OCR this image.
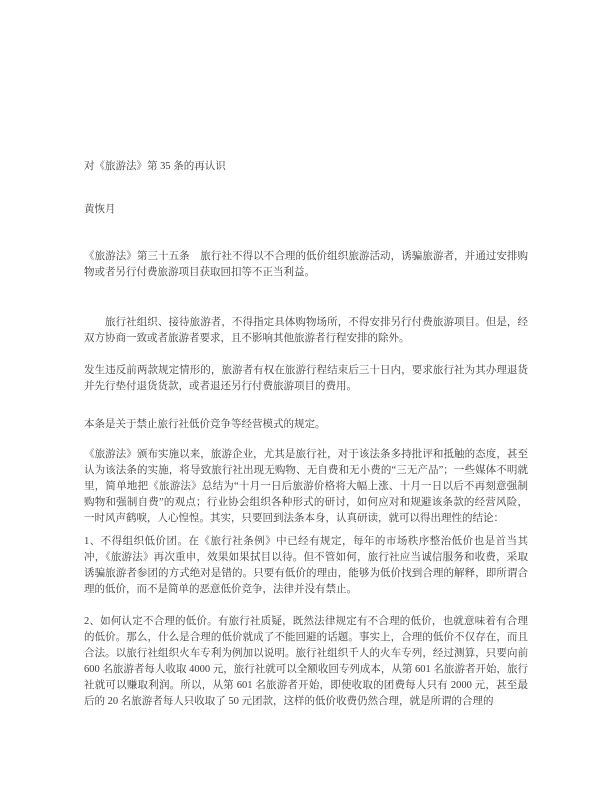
对《旅游法》第 35 条的再认识

黄恢月

《旅游法》第三十五条　旅行社不得以不合理的低价组织旅游活动，诱骗旅游者，并通过安排购物或者另行付费旅游项目获取回扣等不正当利益。

旅行社组织、接待旅游者，不得指定具体购物场所，不得安排另行付费旅游项目。但是，经双方协商一致或者旅游者要求，且不影响其他旅游者行程安排的除外。

发生违反前两款规定情形的，旅游者有权在旅游行程结束后三十日内，要求旅行社为其办理退货并先行垫付退货货款，或者退还另行付费旅游项目的费用。

本条是关于禁止旅行社低价竞争等经营模式的规定。

《旅游法》颁布实施以来，旅游企业，尤其是旅行社，对于该法条多持批评和抵触的态度，甚至认为该法条的实施，将导致旅行社出现无购物、无自费和无小费的“三无产品”；一些媒体不明就里，简单地把《旅游法》总结为“十月一日后旅游价格将大幅上涨、十月一日以后不再刻意强制购物和强制自费”的观点；行业协会组织各种形式的研讨，如何应对和规避该条款的经营风险，一时风声鹤唳，人心惶惶。其实，只要回到法条本身，认真研读，就可以得出理性的结论：

1、不得组织低价团。在《旅行社条例》中已经有规定，每年的市场秩序整治低价也是首当其冲，《旅游法》再次重申，效果如果拭目以待。但不管如何，旅行社应当诚信服务和收费，采取诱骗旅游者参团的方式绝对是错的。只要有低价的理由，能够为低价找到合理的解释，即所谓合理的低价，而不是简单的恶意低价竞争，法律并没有禁止。

2、如何认定不合理的低价。有旅行社质疑，既然法律规定有不合理的低价，也就意味着有合理的低价。那么，什么是合理的低价就成了不能回避的话题。事实上，合理的低价不仅存在，而且合法。以旅行社组织火车专利为例加以说明。旅行社组织千人的火车专列，经过测算，只要向前 600 名旅游者每人收取 4000 元，旅行社就可以全额收回专列成本，从第 601 名旅游者开始，旅行社就可以赚取利润。所以，从第 601 名旅游者开始，即使收取的团费每人只有 2000 元，甚至最后的 20 名旅游者每人只收取了 50 元团款，这样的低价收费仍然合理，就是所谓的合理的
